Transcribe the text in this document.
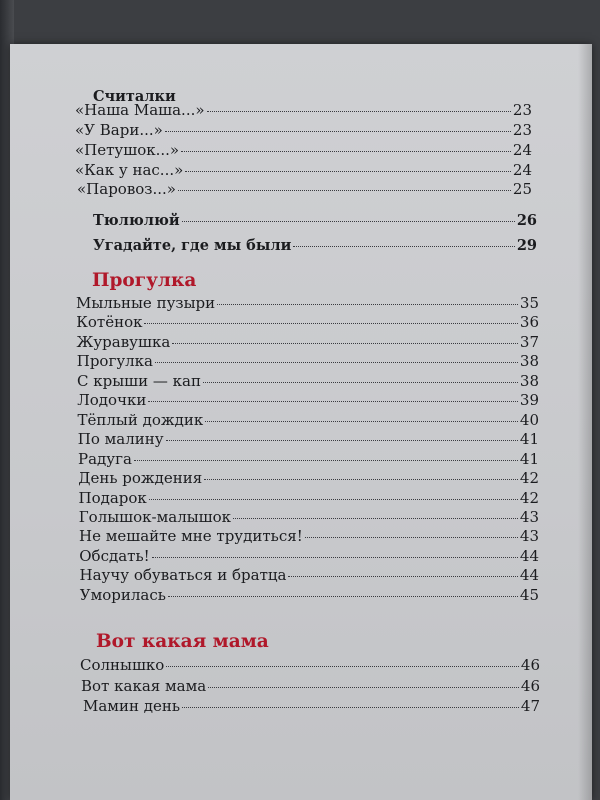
Считалки
«Наша Маша...»	23
«У Вари...»	23
«Петушок...»	24
«Как у нас...»	24
«Паровоз...»	25
Тюлюлюй	26
Угадайте, где мы были	29
Прогулка
Мыльные пузыри	35
Котёнок	36
Журавушка	37
Прогулка	38
С крыши — кап	38
Лодочки	39
Тёплый дождик	40
По малину	41
Радуга	41
День рождения	42
Подарок	42
Голышок-малышок	43
Не мешайте мне трудиться!	43
Обсдать!	44
Научу обуваться и братца	44
Уморилась	45
Вот какая мама
Солнышко	46
Вот какая мама	46
Мамин день	47
